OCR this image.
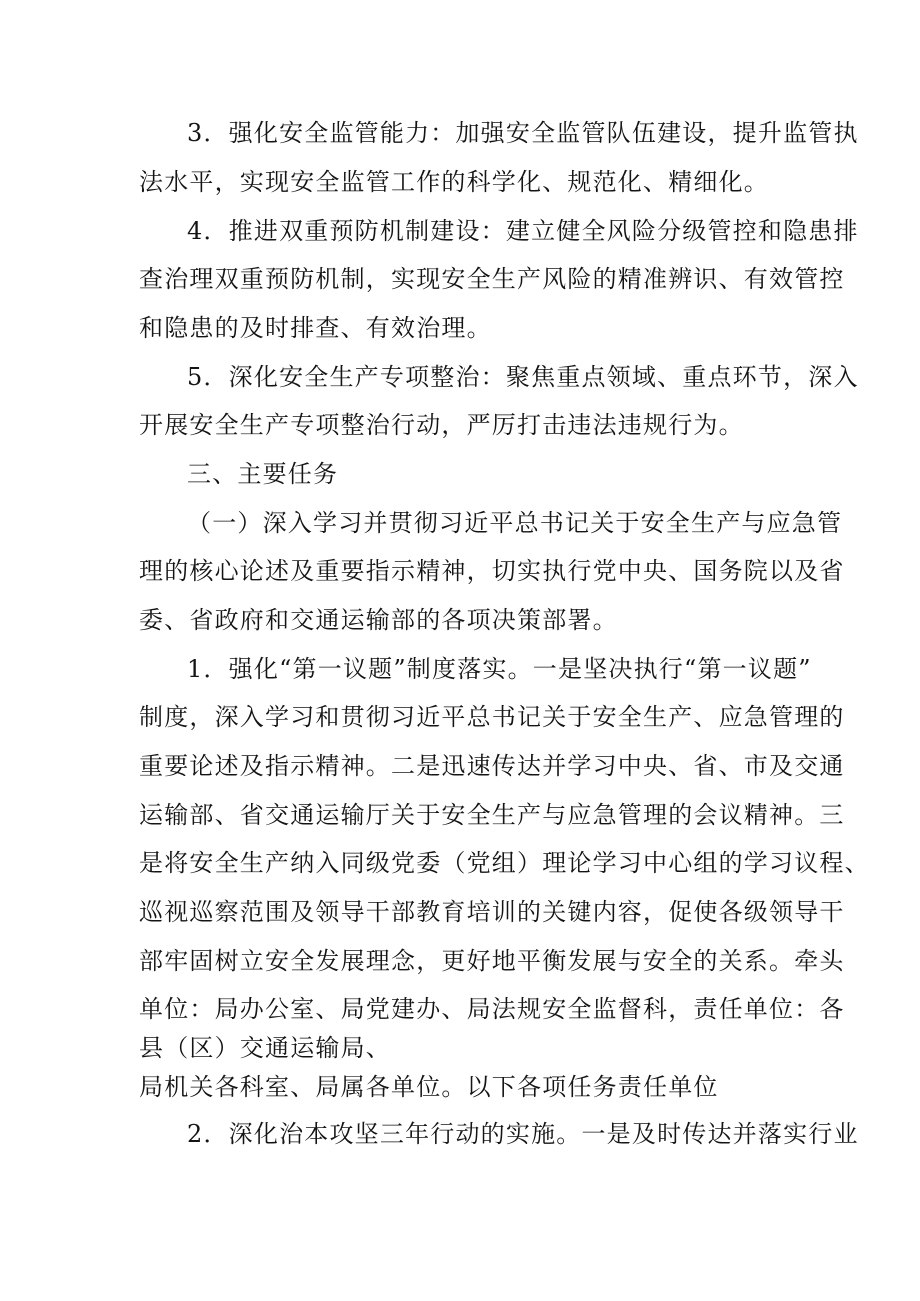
3．强化安全监管能力：加强安全监管队伍建设，提升监管执
法水平，实现安全监管工作的科学化、规范化、精细化。
4．推进双重预防机制建设：建立健全风险分级管控和隐患排
查治理双重预防机制，实现安全生产风险的精准辨识、有效管控
和隐患的及时排查、有效治理。
5．深化安全生产专项整治：聚焦重点领域、重点环节，深入
开展安全生产专项整治行动，严厉打击违法违规行为。
三、主要任务
（一）深入学习并贯彻习近平总书记关于安全生产与应急管
理的核心论述及重要指示精神，切实执行党中央、国务院以及省
委、省政府和交通运输部的各项决策部署。
1．强化“第一议题”制度落实。一是坚决执行“第一议题”
制度，深入学习和贯彻习近平总书记关于安全生产、应急管理的
重要论述及指示精神。二是迅速传达并学习中央、省、市及交通
运输部、省交通运输厅关于安全生产与应急管理的会议精神。三
是将安全生产纳入同级党委（党组）理论学习中心组的学习议程、
巡视巡察范围及领导干部教育培训的关键内容，促使各级领导干
部牢固树立安全发展理念，更好地平衡发展与安全的关系。牵头
单位：局办公室、局党建办、局法规安全监督科，责任单位：各
县（区）交通运输局、
局机关各科室、局属各单位。以下各项任务责任单位
2．深化治本攻坚三年行动的实施。一是及时传达并落实行业
